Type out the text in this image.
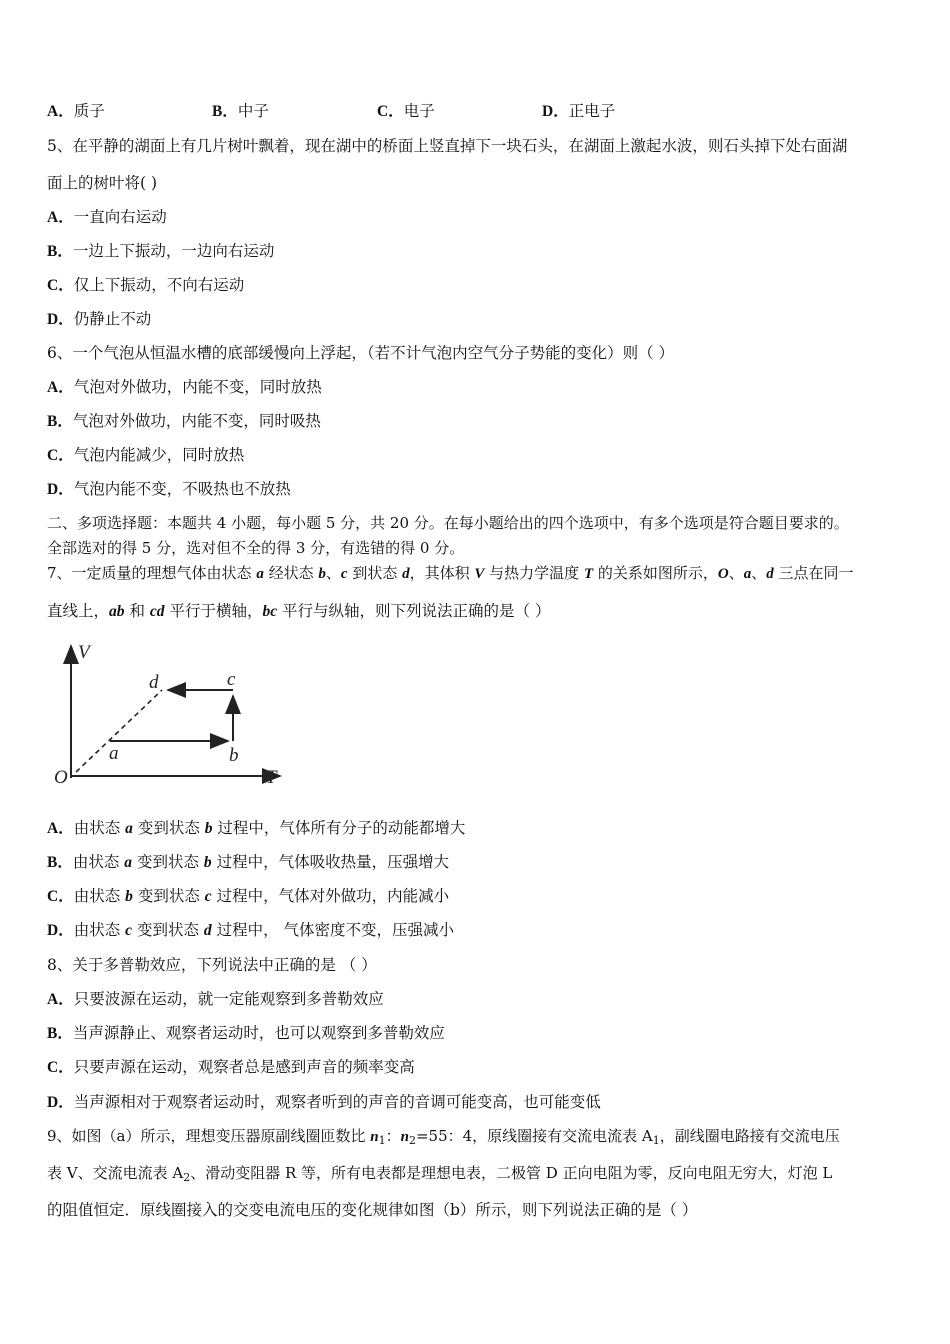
A．质子	B．中子	C．电子	D．正电子
5、在平静的湖面上有几片树叶飘着，现在湖中的桥面上竖直掉下一块石头，在湖面上激起水波，则石头掉下处右面湖
面上的树叶将( )
A．一直向右运动
B．一边上下振动，一边向右运动
C．仅上下振动，不向右运动
D．仍静止不动
6、一个气泡从恒温水槽的底部缓慢向上浮起，（若不计气泡内空气分子势能的变化）则（ ）
A．气泡对外做功，内能不变，同时放热
B．气泡对外做功，内能不变，同时吸热
C．气泡内能减少，同时放热
D．气泡内能不变，不吸热也不放热
二、多项选择题：本题共 4 小题，每小题 5 分，共 20 分。在每小题给出的四个选项中，有多个选项是符合题目要求的。
全部选对的得 5 分，选对但不全的得 3 分，有选错的得 0 分。
7、一定质量的理想气体由状态 a 经状态 b、c 到状态 d，其体积 V 与热力学温度 T 的关系如图所示，O、a、d 三点在同一
直线上，ab 和 cd 平行于横轴，bc 平行与纵轴，则下列说法正确的是（ ）
V
T
O
a	b
c
d
A．由状态 a 变到状态 b 过程中，气体所有分子的动能都增大
B．由状态 a 变到状态 b 过程中，气体吸收热量，压强增大
C．由状态 b 变到状态 c 过程中，气体对外做功，内能减小
D．由状态 c 变到状态 d 过程中， 气体密度不变，压强减小
8、关于多普勒效应，下列说法中正确的是 （ ）
A．只要波源在运动，就一定能观察到多普勒效应
B．当声源静止、观察者运动时，也可以观察到多普勒效应
C．只要声源在运动，观察者总是感到声音的频率变高
D．当声源相对于观察者运动时，观察者听到的声音的音调可能变高，也可能变低
9、如图（a）所示，理想变压器原副线圈匝数比 $n_1$：$n_2=55$：4，原线圈接有交流电流表 $A_1$，副线圈电路接有交流电压
表 V、交流电流表 $A_2$、滑动变阻器 R 等，所有电表都是理想电表，二极管 D 正向电阻为零，反向电阻无穷大，灯泡 L
的阻值恒定．原线圈接入的交变电流电压的变化规律如图（b）所示，则下列说法正确的是（ ）
